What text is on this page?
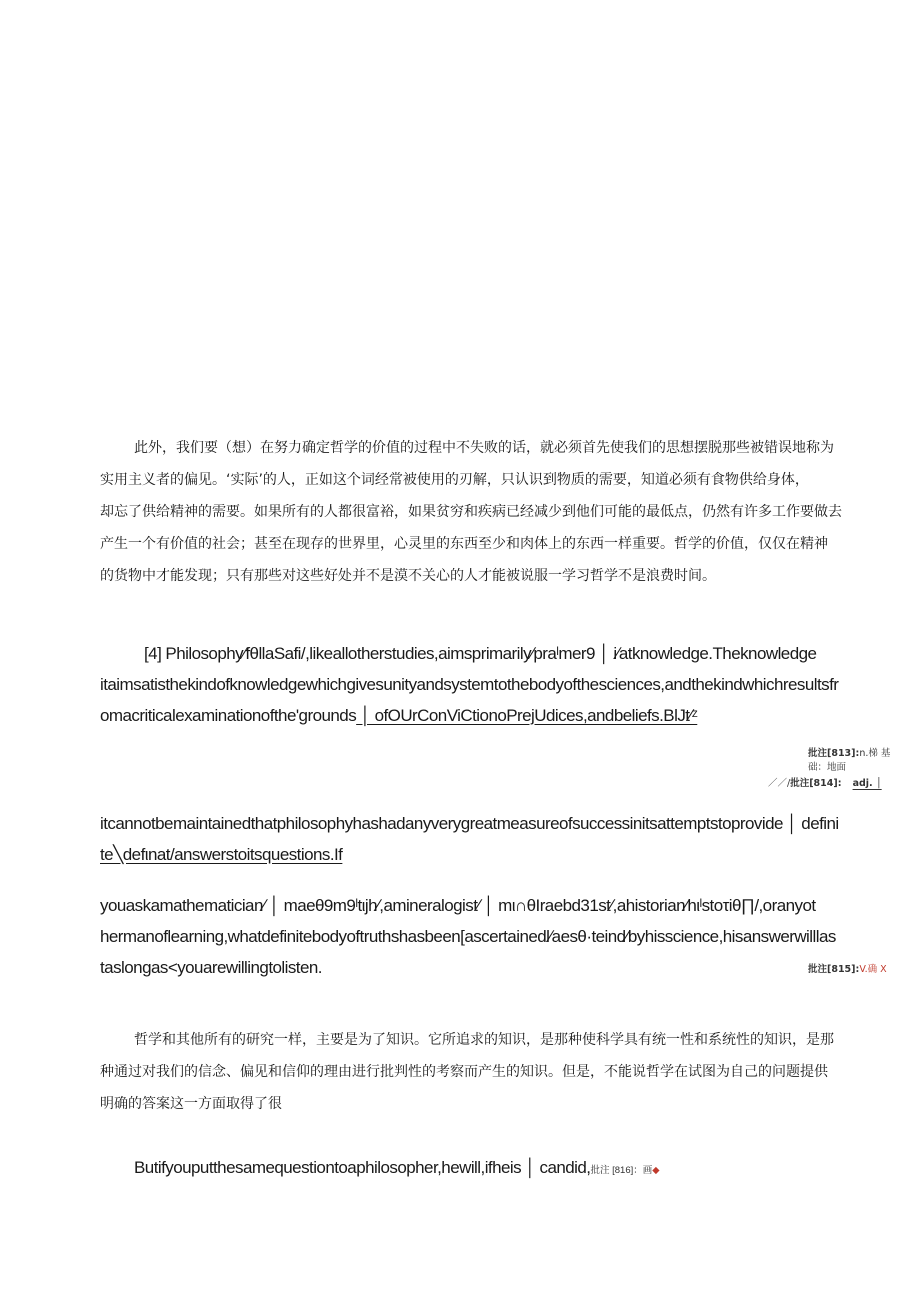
此外，我们要（想）在努力确定哲学的价值的过程中不失败的话，就必须首先使我们的思想摆脱那些被错误地称为
实用主义者的偏见。‘实际’的人，正如这个词经常被使用的刃解，只认识到物质的需要，知道必须有食物供给身体，
却忘了供给精神的需要。如果所有的人都很富裕，如果贫穷和疾病已经减少到他们可能的最低点，仍然有许多工作要做去
产生一个有价值的社会；甚至在现存的世界里，心灵里的东西至少和肉体上的东西一样重要。哲学的价值，仅仅在精神
的货物中才能发现；只有那些对这些好处并不是漠不关心的人才能被说服一学习哲学不是浪费时间。
[4] Philosophy∕fθllaSafi/,likeallotherstudies,aimsprimarily∕praˡmer9 │ i∕atknowledge.Theknowledge
itaimsatisthekindofknowledgewhichgivesunityandsystemtothebodyofthesciences,andthekindwhichresultsfr
omacriticalexaminationofthe'grounds │ ofOUrConViCtionoPrejUdices,andbeliefs.BlJt∕ᶻ
批注[813]:n.梯 基
础：地面
／／∕批注[814]: adj. │
itcannotbemaintainedthatphilosophyhashadanyverygreatmeasureofsuccessinitsattemptstoprovide │ defini
te╲defιnat/answerstoitsquestions.If
youaskamathematician∕ │ maeθ9m9ˡtιjh∕,amineralogist∕ │ mι∩θIraebd31st∕,ahistorian∕hιˡstoτiθ∏/,oranyot
hermanoflearning,whatdefinitebodyoftruthshasbeen[ascertainedl∕aesθ·teind∕byhisscience,hisanswerwilllas
taslongas<youarewillingtolisten.	批注[815]:V.确 X
哲学和其他所有的研究一样，主要是为了知识。它所追求的知识，是那种使科学具有统一性和系统性的知识，是那
种通过对我们的信念、偏见和信仰的理由进行批判性的考察而产生的知识。但是，不能说哲学在试图为自己的问题提供
明确的答案这一方面取得了很
Butifyouputthesamequestiontoaphilosopher,hewill,ifheis │ candid,批注 [816]：画◆
